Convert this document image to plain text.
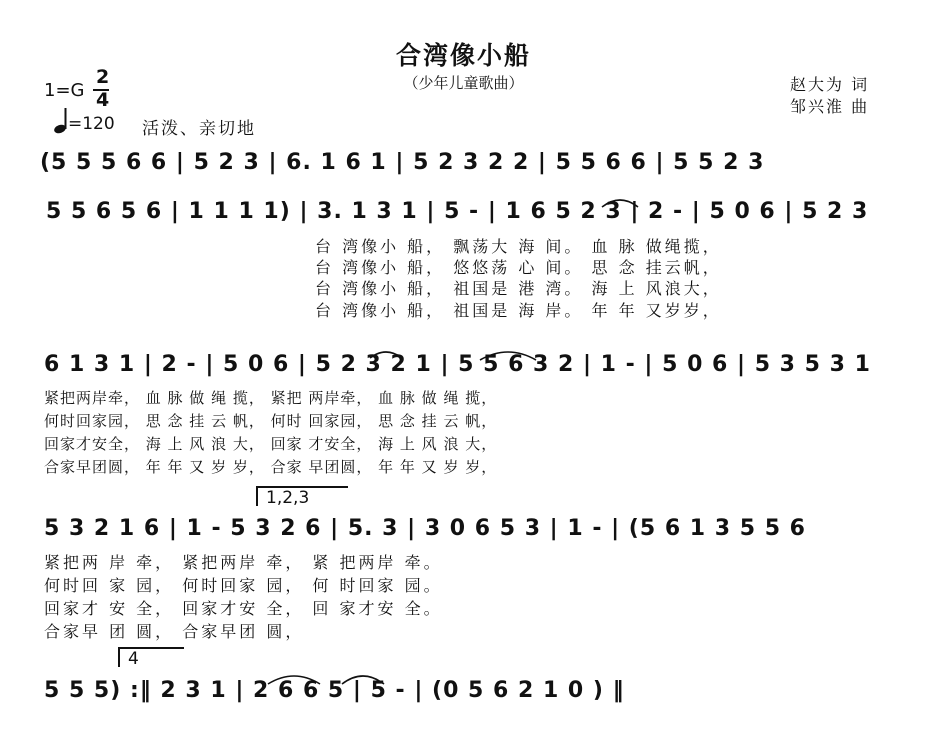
合湾像小船
（少年儿童歌曲）
1=G
2
4
=120 活泼、亲切地
赵大为 词
邹兴淮 曲
(5 5 5 6 6 | 5 2 3 | 6. 1 6 1 | 5 2 3 2 2 | 5 5 6 6 | 5 5 2 3
5 5 6 5 6 | 1 1 1 1) | 3. 1 3 1 | 5 - | 1 6 5 2 3 | 2 - | 5 0 6 | 5 2 3
台 湾像小 船， 飘荡大 海 间。 血 脉 做绳揽，
台 湾像小 船， 悠悠荡 心 间。 思 念 挂云帆，
台 湾像小 船， 祖国是 港 湾。 海 上 风浪大，
台 湾像小 船， 祖国是 海 岸。 年 年 又岁岁，
6 1 3 1 | 2 - | 5 0 6 | 5 2 3 2 1 | 5 5 6 3 2 | 1 - | 5 0 6 | 5 3 5 3 1
紧把两岸牵， 血 脉 做 绳 揽， 紧把 两岸牵， 血 脉 做 绳 揽，
何时回家园， 思 念 挂 云 帆， 何时 回家园， 思 念 挂 云 帆，
回家才安全， 海 上 风 浪 大， 回家 才安全， 海 上 风 浪 大，
合家早团圆， 年 年 又 岁 岁， 合家 早团圆， 年 年 又 岁 岁，
1,2,3
5 3 2 1 6 | 1 - 5 3 2 6 | 5. 3 | 3 0 6 5 3 | 1 - | (5 6 1 3 5 5 6
紧把两 岸 牵， 紧把两岸 牵， 紧 把两岸 牵。
何时回 家 园， 何时回家 园， 何 时回家 园。
回家才 安 全， 回家才安 全， 回 家才安 全。
合家早 团 圆， 合家早团 圆，
4
5 5 5) :‖ 2 3 1 | 2 6 6 5 | 5 - | (0 5 6 2 1 0 ) ‖
